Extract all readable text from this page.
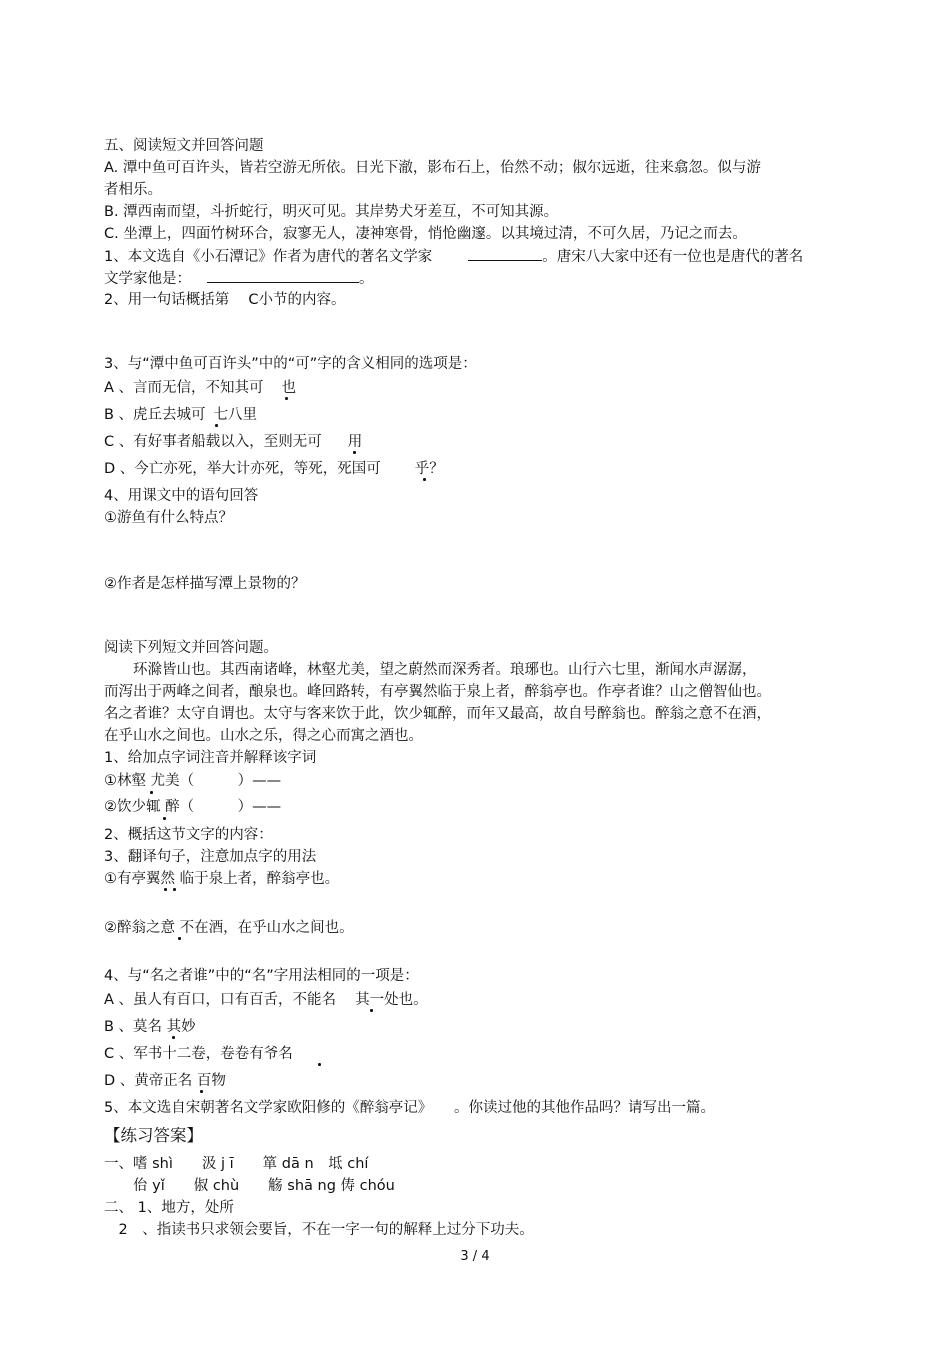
五、阅读短文并回答问题
A. 潭中鱼可百许头，皆若空游无所依。日光下澈，影布石上，佁然不动；俶尔远逝，往来翕忽。似与游
者相乐。
B. 潭西南而望，斗折蛇行，明灭可见。其岸势犬牙差互，不可知其源。
C. 坐潭上，四面竹树环合，寂寥无人，凄神寒骨，悄怆幽邃。以其境过清，不可久居，乃记之而去。
1、本文选自《小石潭记》作者为唐代的著名文学家	。唐宋八大家中还有一位也是唐代的著名
文学家他是：	。
2、用一句话概括第　 C小节的内容。
3、与“潭中鱼可百许头”中的“可”字的含义相同的选项是：
A 、言而无信，不知其可 也
B 、虎丘去城可 七八里
C 、有好事者船载以入，至则无可 用
D 、今亡亦死，举大计亦死，等死，死国可 乎？
4、用课文中的语句回答
①游鱼有什么特点？
②作者是怎样描写潭上景物的？
阅读下列短文并回答问题。
　　环滁皆山也。其西南诸峰，林壑尤美，望之蔚然而深秀者。琅琊也。山行六七里，渐闻水声潺潺，
而泻出于两峰之间者，酿泉也。峰回路转，有亭翼然临于泉上者，醉翁亭也。作亭者谁？山之僧智仙也。
名之者谁？太守自谓也。太守与客来饮于此，饮少辄醉，而年又最高，故自号醉翁也。醉翁之意不在酒，
在乎山水之间也。山水之乐，得之心而寓之酒也。
1、给加点字词注音并解释该字词
①林壑 尤美（　　　）——
②饮少辄 醉（　　　）——
2、概括这节文字的内容：
3、翻译句子，注意加点字的用法
①有亭翼然 临于泉上者，醉翁亭也。
②醉翁之意 不在酒，在乎山水之间也。
4、与“名之者谁”中的“名”字用法相同的一项是：
A 、虽人有百口，口有百舌，不能名　 其一处也。
B 、莫名 其妙
C 、军书十二卷，卷卷有爷名
D 、黄帝正名 百物
5、本文选自宋朝著名文学家欧阳修的《醉翁亭记》　　。你读过他的其他作品吗？请写出一篇。
【练习答案】
一、嗜 shì　　汲 j ī　　箪 dā n　坻 chí
　　佁 yǐ　　俶 chù　　觞 shā ng 俦 chóu
二、 1、地方，处所
　2　、指读书只求领会要旨，不在一字一句的解释上过分下功夫。
3 / 4
